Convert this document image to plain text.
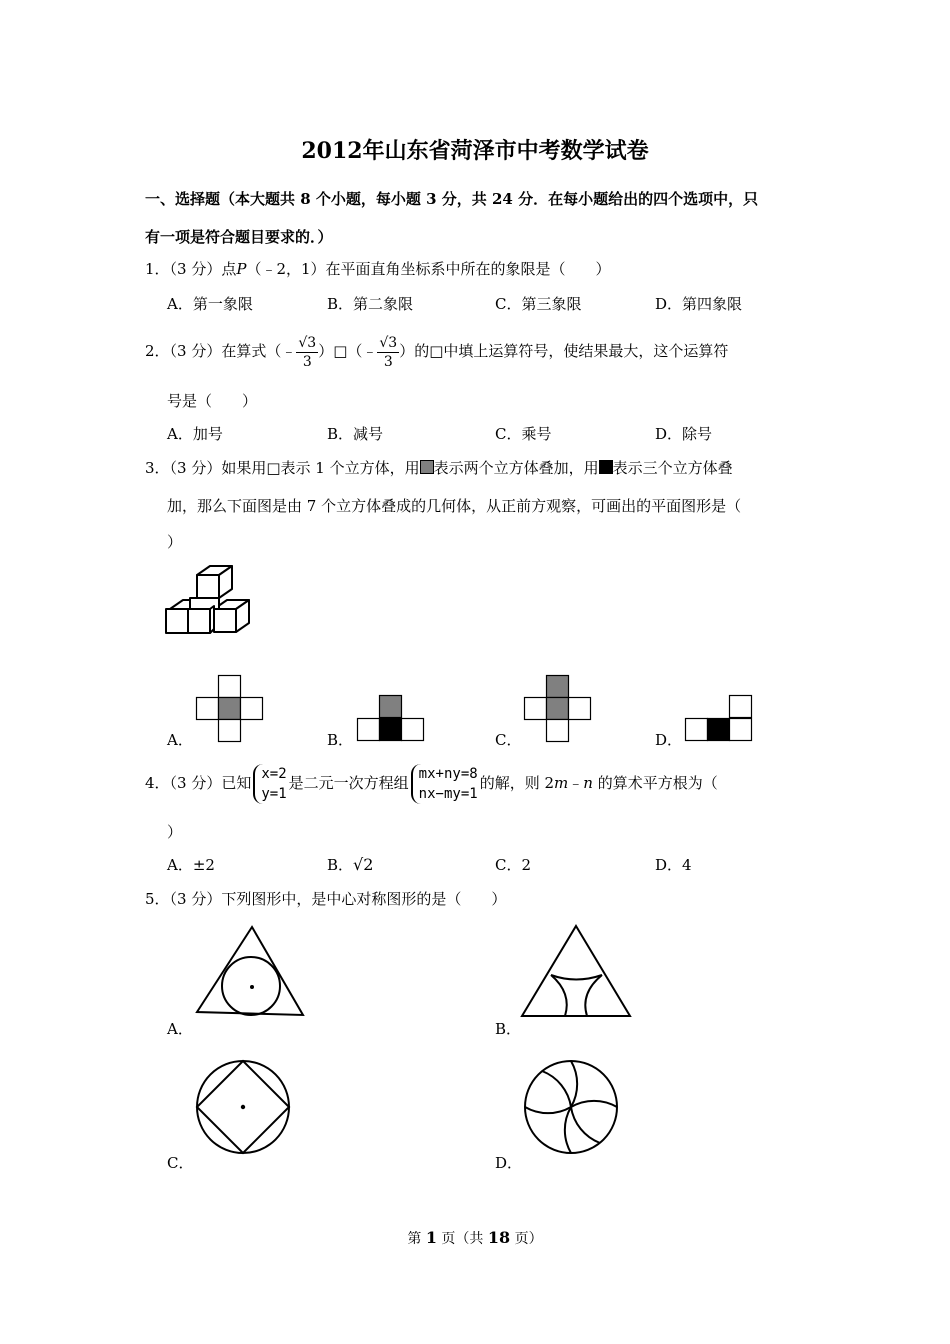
2012年山东省菏泽市中考数学试卷
一、选择题（本大题共 8 个小题，每小题 3 分，共 24 分．在每小题给出的四个选项中，只
有一项是符合题目要求的．）
1．（3 分）点P（﹣2，1）在平面直角坐标系中所在的象限是（　　）
A．第一象限	B．第二象限	C．第三象限	D．第四象限
2．（3 分）在算式（﹣ $\frac{√3}{3}$ ）□（﹣ $\frac{√3}{3}$ ）的□中填上运算符号，使结果最大，这个运算符
号是（　　）
A．加号	B．减号	C．乘号	D．除号
3．（3 分）如果用□表示 1 个立方体，用 表示两个立方体叠加，用 表示三个立方体叠
加，那么下面图是由 7 个立方体叠成的几何体，从正前方观察，可画出的平面图形是（
）
A．	B．	C．	D．
4．（3 分）已知 x=2
y=1
是二元一次方程组 mx+ny=8
nx−my=1
的解，则 2m﹣n 的算术平方根为（
）
A．±2	B．√2	C．2	D．4
5．（3 分）下列图形中，是中心对称图形的是（　　）
A．	B．
C．	D．
第 1 页（共 18 页）
